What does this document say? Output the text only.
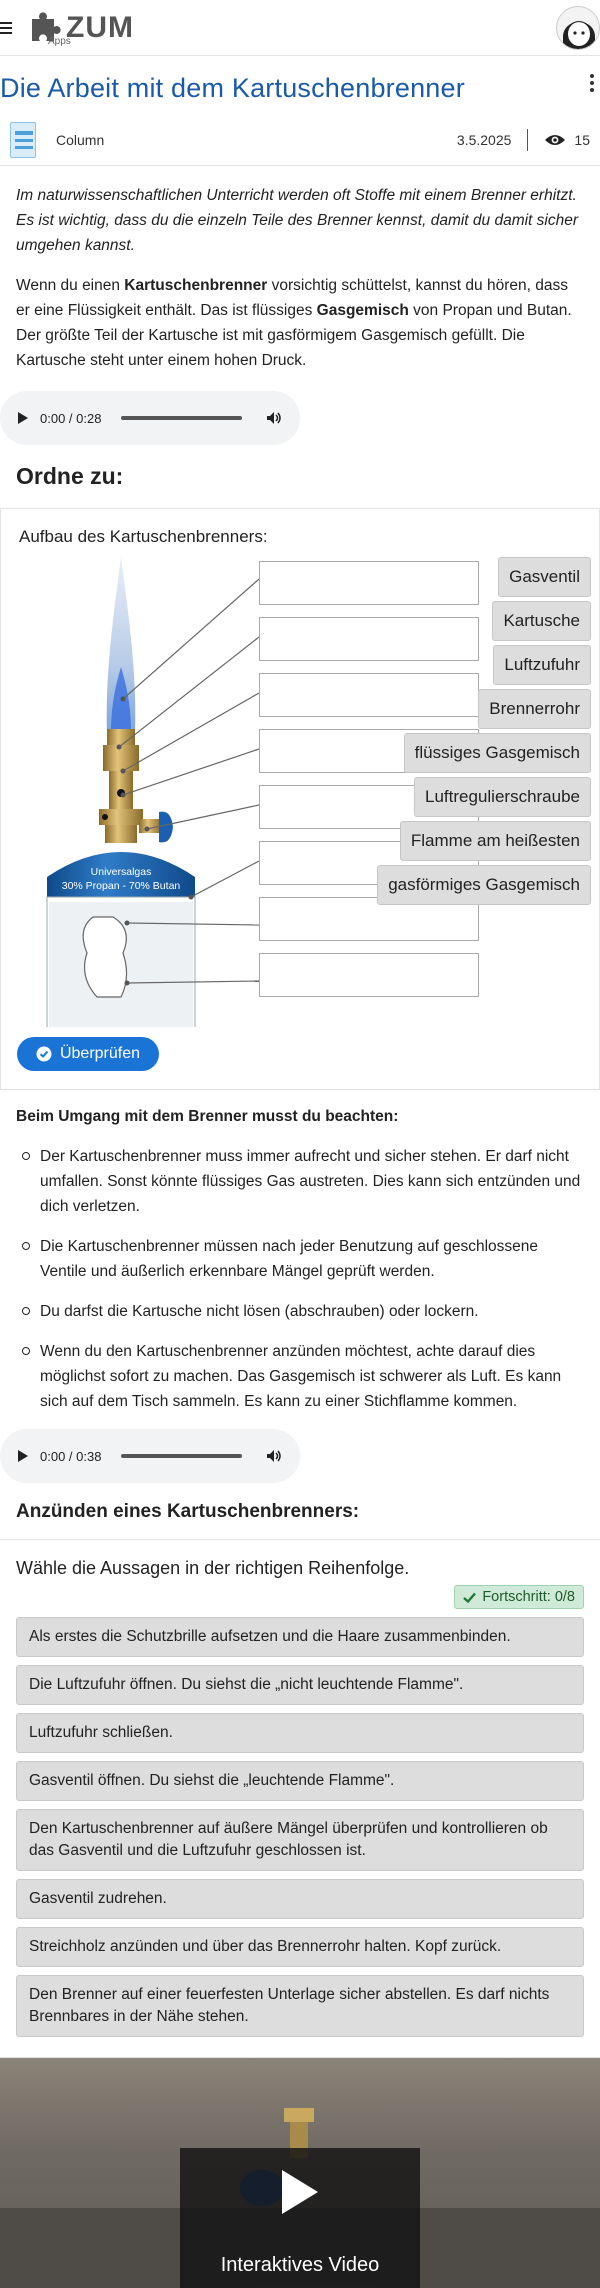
ZUM
Apps
Die Arbeit mit dem Kartuschenbrenner
Column	3.5.2025	15

Im naturwissenschaftlichen Unterricht werden oft Stoffe mit einem Brenner erhitzt. Es ist wichtig, dass du die einzeln Teile des Brenner kennst, damit du damit sicher umgehen kannst.

Wenn du einen Kartuschenbrenner vorsichtig schüttelst, kannst du hören, dass er eine Flüssigkeit enthält. Das ist flüssiges Gasgemisch von Propan und Butan. Der größte Teil der Kartusche ist mit gasförmigem Gasgemisch gefüllt. Die Kartusche steht unter einem hohen Druck.

0:00 / 0:28
Ordne zu:
Aufbau des Kartuschenbrenners:
Universalgas
30% Propan - 70% Butan
Gasventil
Kartusche
Luftzufuhr
Brennerrohr
flüssiges Gasgemisch
Luftregulierschraube
Flamme am heißesten
gasförmiges Gasgemisch
Überprüfen

Beim Umgang mit dem Brenner musst du beachten:

Der Kartuschenbrenner muss immer aufrecht und sicher stehen. Er darf nicht umfallen. Sonst könnte flüssiges Gas austreten. Dies kann sich entzünden und dich verletzen.
Die Kartuschenbrenner müssen nach jeder Benutzung auf geschlossene Ventile und äußerlich erkennbare Mängel geprüft werden.
Du darfst die Kartusche nicht lösen (abschrauben) oder lockern.
Wenn du den Kartuschenbrenner anzünden möchtest, achte darauf dies möglichst sofort zu machen. Das Gasgemisch ist schwerer als Luft. Es kann sich auf dem Tisch sammeln. Es kann zu einer Stichflamme kommen.
0:00 / 0:38
Anzünden eines Kartuschenbrenners:

Wähle die Aussagen in der richtigen Reihenfolge.

Fortschritt: 0/8
Als erstes die Schutzbrille aufsetzen und die Haare zusammenbinden.
Die Luftzufuhr öffnen. Du siehst die „nicht leuchtende Flamme".
Luftzufuhr schließen.
Gasventil öffnen. Du siehst die „leuchtende Flamme".
Den Kartuschenbrenner auf äußere Mängel überprüfen und kontrollieren ob das Gasventil und die Luftzufuhr geschlossen ist.
Gasventil zudrehen.
Streichholz anzünden und über das Brennerrohr halten. Kopf zurück.
Den Brenner auf einer feuerfesten Unterlage sicher abstellen. Es darf nichts Brennbares in der Nähe stehen.
Interaktives Video
